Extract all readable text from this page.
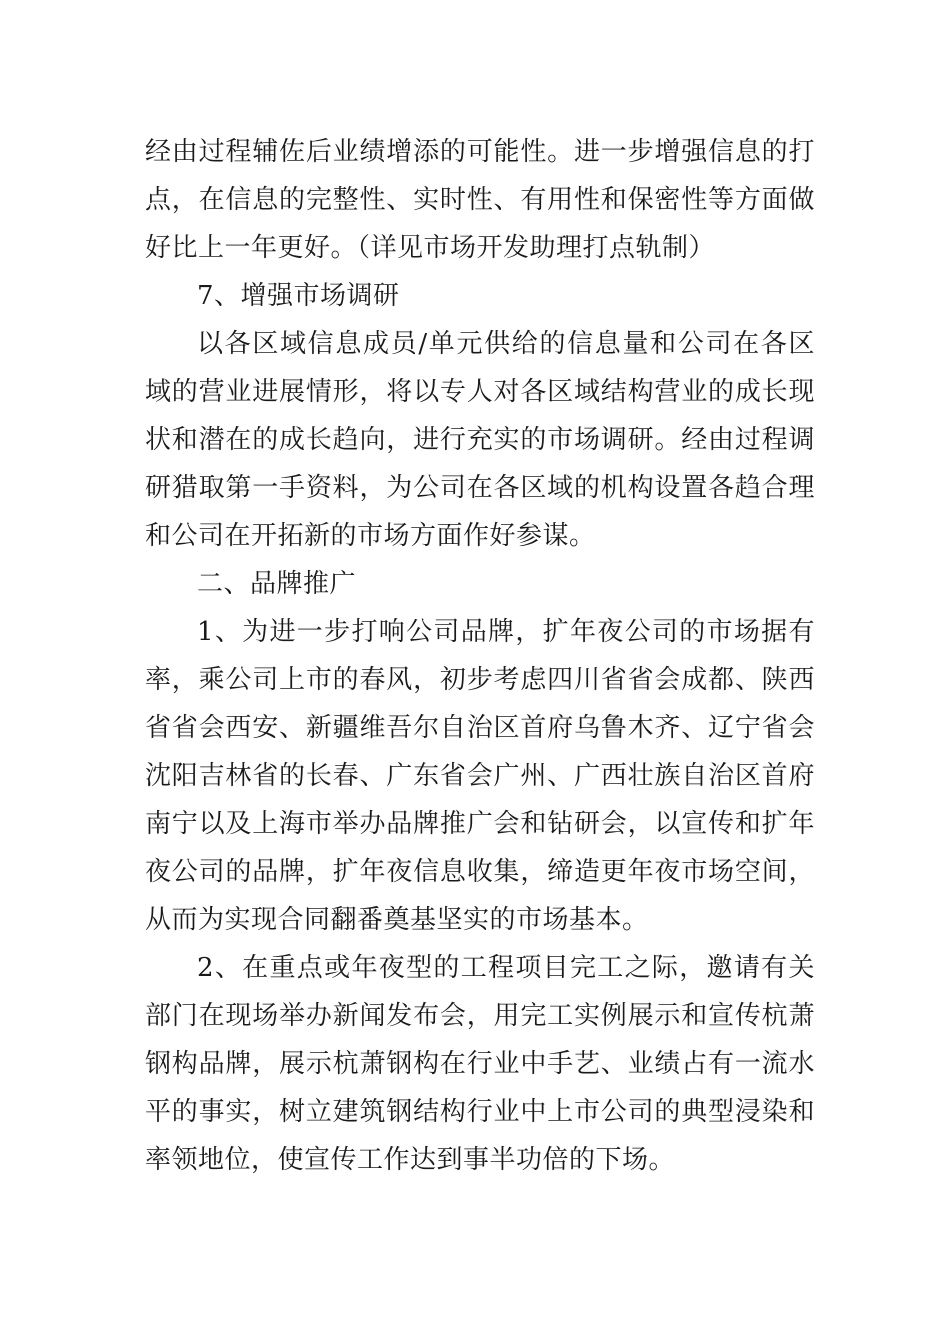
经由过程辅佐后业绩增添的可能性。进一步增强信息的打点，在信息的完整性、实时性、有用性和保密性等方面做好比上一年更好。（详见市场开发助理打点轨制）

7、增强市场调研

以各区域信息成员/单元供给的信息量和公司在各区域的营业进展情形，将以专人对各区域结构营业的成长现状和潜在的成长趋向，进行充实的市场调研。经由过程调研猎取第一手资料，为公司在各区域的机构设置各趋合理和公司在开拓新的市场方面作好参谋。

二、品牌推广

1、为进一步打响公司品牌，扩年夜公司的市场据有率，乘公司上市的春风，初步考虑四川省省会成都、陕西省省会西安、新疆维吾尔自治区首府乌鲁木齐、辽宁省会沈阳吉林省的长春、广东省会广州、广西壮族自治区首府南宁以及上海市举办品牌推广会和钻研会，以宣传和扩年夜公司的品牌，扩年夜信息收集，缔造更年夜市场空间，从而为实现合同翻番奠基坚实的市场基本。

2、在重点或年夜型的工程项目完工之际，邀请有关部门在现场举办新闻发布会，用完工实例展示和宣传杭萧钢构品牌，展示杭萧钢构在行业中手艺、业绩占有一流水平的事实，树立建筑钢结构行业中上市公司的典型浸染和率领地位，使宣传工作达到事半功倍的下场。
